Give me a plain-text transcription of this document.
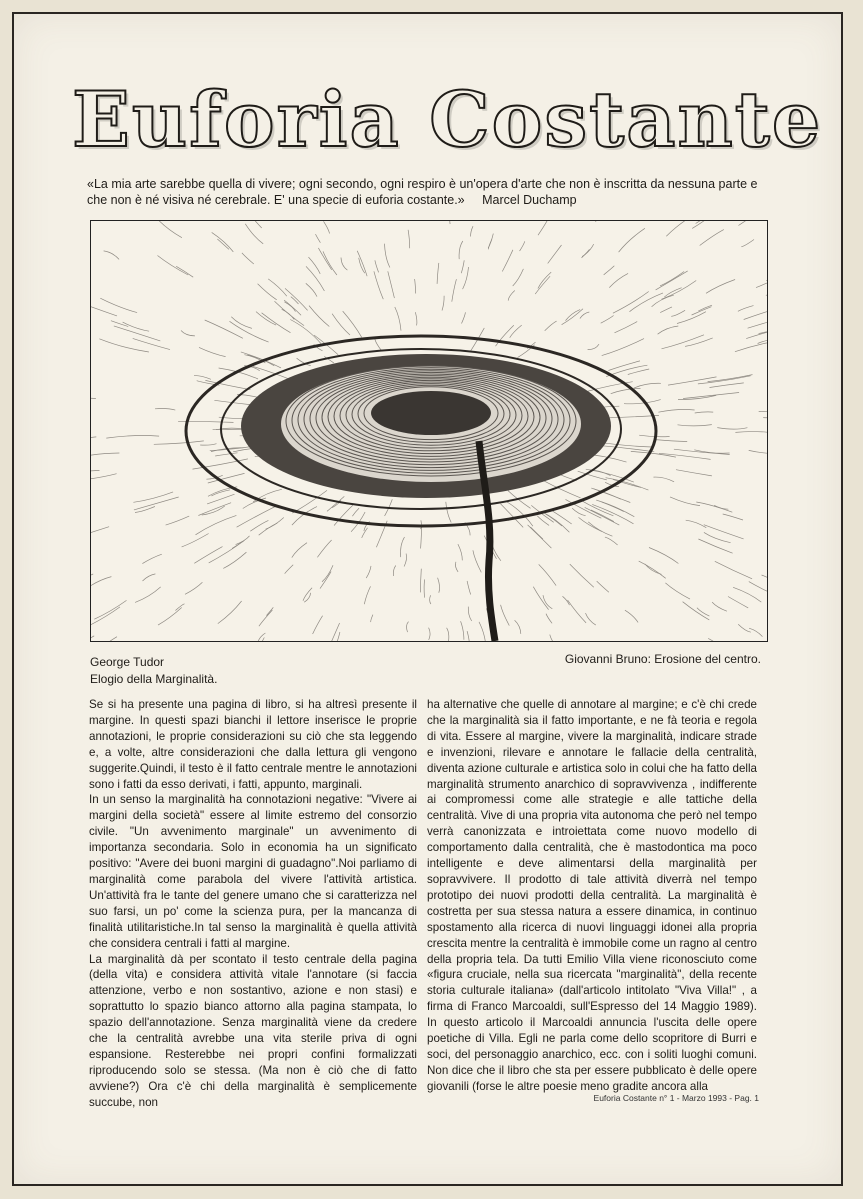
Euforia Costante
«La mia arte sarebbe quella di vivere; ogni secondo, ogni respiro è un'opera d'arte che non è inscritta da nessuna parte e che non è né visiva né cerebrale. E' una specie di euforia costante.» Marcel Duchamp
George Tudor
Elogio della Marginalità.
Giovanni Bruno: Erosione del centro.

Se si ha presente una pagina di libro, si ha altresì presente il margine. In questi spazi bianchi il lettore inserisce le proprie annotazioni, le proprie considerazioni su ciò che sta leggendo e, a volte, altre considerazioni che dalla lettura gli vengono suggerite.Quindi, il testo è il fatto centrale mentre le annotazioni sono i fatti da esso derivati, i fatti, appunto, marginali.

In un senso la marginalità ha connotazioni negative: "Vivere ai margini della società" essere al limite estremo del consorzio civile. "Un avvenimento marginale" un avvenimento di importanza secondaria. Solo in economia ha un significato positivo: "Avere dei buoni margini di guadagno".Noi parliamo di marginalità come parabola del vivere l'attività artistica. Un'attività fra le tante del genere umano che si caratterizza nel suo farsi, un po' come la scienza pura, per la mancanza di finalità utilitaristiche.In tal senso la marginalità è quella attività che considera centrali i fatti al margine.

La marginalità dà per scontato il testo centrale della pagina (della vita) e considera attività vitale l'annotare (si faccia attenzione, verbo e non sostantivo, azione e non stasi) e soprattutto lo spazio bianco attorno alla pagina stampata, lo spazio dell'annotazione. Senza marginalità viene da credere che la centralità avrebbe una vita sterile priva di ogni espansione. Resterebbe nei propri confini formalizzati riproducendo solo se stessa. (Ma non è ciò che di fatto avviene?) Ora c'è chi della marginalità è semplicemente succube, non

ha alternative che quelle di annotare al margine; e c'è chi crede che la marginalità sia il fatto importante, e ne fà teoria e regola di vita. Essere al margine, vivere la marginalità, indicare strade e invenzioni, rilevare e annotare le fallacie della centralità, diventa azione culturale e artistica solo in colui che ha fatto della marginalità strumento anarchico di sopravvivenza , indifferente ai compromessi come alle strategie e alle tattiche della centralità. Vive di una propria vita autonoma che però nel tempo verrà canonizzata e introiettata come nuovo modello di comportamento dalla centralità, che è mastodontica ma poco intelligente e deve alimentarsi della marginalità per sopravvivere. Il prodotto di tale attività diverrà nel tempo prototipo dei nuovi prodotti della centralità. La marginalità è costretta per sua stessa natura a essere dinamica, in continuo spostamento alla ricerca di nuovi linguaggi idonei alla propria crescita mentre la centralità è immobile come un ragno al centro della propria tela. Da tutti Emilio Villa viene riconosciuto come «figura cruciale, nella sua ricercata "marginalità", della recente storia culturale italiana» (dall'articolo intitolato "Viva Villa!" , a firma di Franco Marcoaldi, sull'Espresso del 14 Maggio 1989). In questo articolo il Marcoaldi annuncia l'uscita delle opere poetiche di Villa. Egli ne parla come dello scopritore di Burri e soci, del personaggio anarchico, ecc. con i soliti luoghi comuni. Non dice che il libro che sta per essere pubblicato è delle opere giovanili (forse le altre poesie meno gradite ancora alla

Euforia Costante n° 1 - Marzo 1993 - Pag. 1
